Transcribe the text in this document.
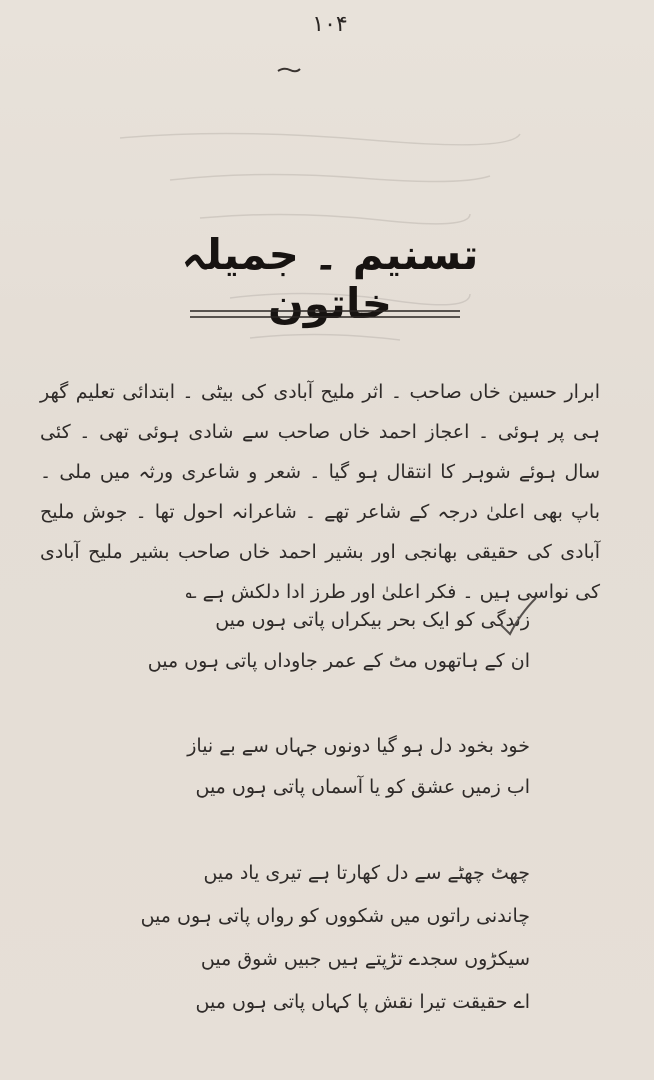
۱۰۴
تسنیم ۔ جمیلہ خاتون

ابرار حسین خاں صاحب ۔ اثر ملیح آبادی کی بیٹی ۔ ابتدائی تعلیم گھر ہی پر ہوئی ۔ اعجاز احمد خاں صاحب سے شادی ہوئی تھی ۔ کئی سال ہوئے شوہر کا انتقال ہو گیا ۔ شعر و شاعری ورثہ میں ملی ۔ باپ بھی اعلیٰ درجہ کے شاعر تھے ۔ شاعرانہ احول تھا ۔ جوش ملیح آبادی کی حقیقی بھانجی اور بشیر احمد خاں صاحب بشیر ملیح آبادی کی نواسی ہیں ۔ فکر اعلیٰ اور طرز ادا دلکش ہے ؎

زندگی کو ایک بحر بیکراں پاتی ہوں میں
ان کے ہاتھوں مٹ کے عمر جاوداں پاتی ہوں میں
خود بخود دل ہو گیا دونوں جہاں سے بے نیاز
اب زمیں عشق کو یا آسماں پاتی ہوں میں
چھٹ چھٹے سے دل کھارتا ہے تیری یاد میں
چاندنی راتوں میں شکووں کو رواں پاتی ہوں میں
سیکڑوں سجدے تڑپتے ہیں جبیں شوق میں
اے حقیقت تیرا نقش پا کہاں پاتی ہوں میں
